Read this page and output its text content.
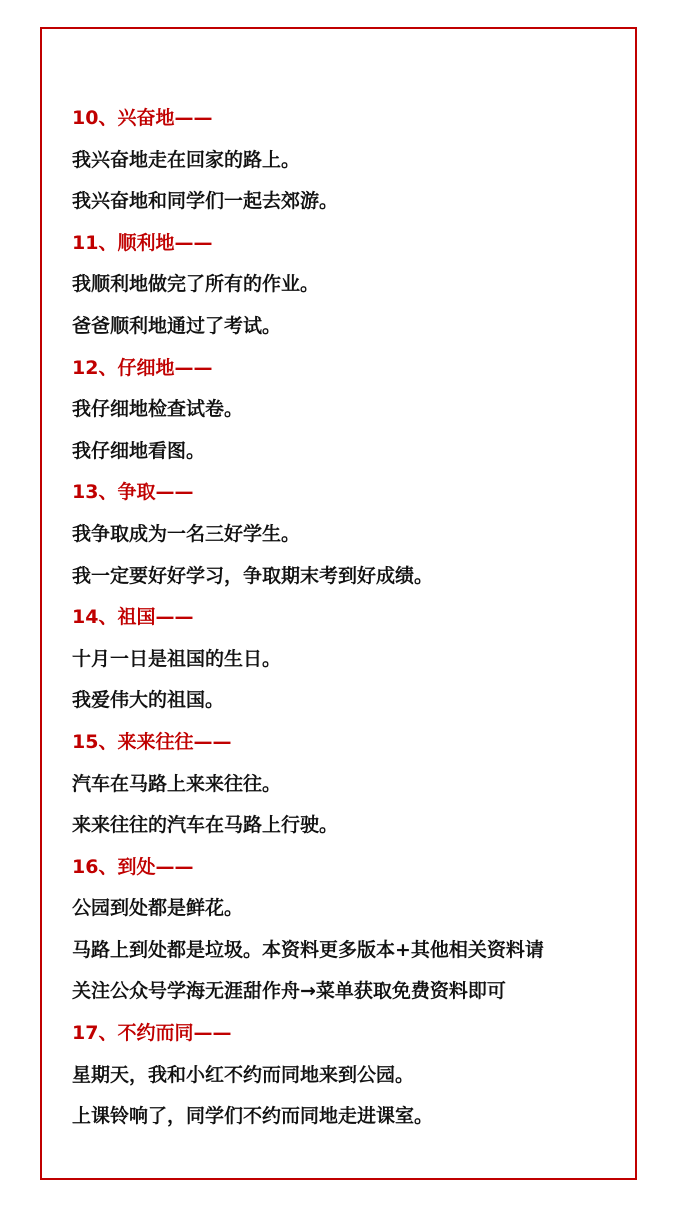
10、兴奋地——
我兴奋地走在回家的路上。
我兴奋地和同学们一起去郊游。
11、顺利地——
我顺利地做完了所有的作业。
爸爸顺利地通过了考试。
12、仔细地——
我仔细地检查试卷。
我仔细地看图。
13、争取——
我争取成为一名三好学生。
我一定要好好学习，争取期末考到好成绩。
14、祖国——
十月一日是祖国的生日。
我爱伟大的祖国。
15、来来往往——
汽车在马路上来来往往。
来来往往的汽车在马路上行驶。
16、到处——
公园到处都是鲜花。
马路上到处都是垃圾。本资料更多版本+其他相关资料请
关注公众号学海无涯甜作舟→菜单获取免费资料即可
17、不约而同——
星期天，我和小红不约而同地来到公园。
上课铃响了，同学们不约而同地走进课室。
